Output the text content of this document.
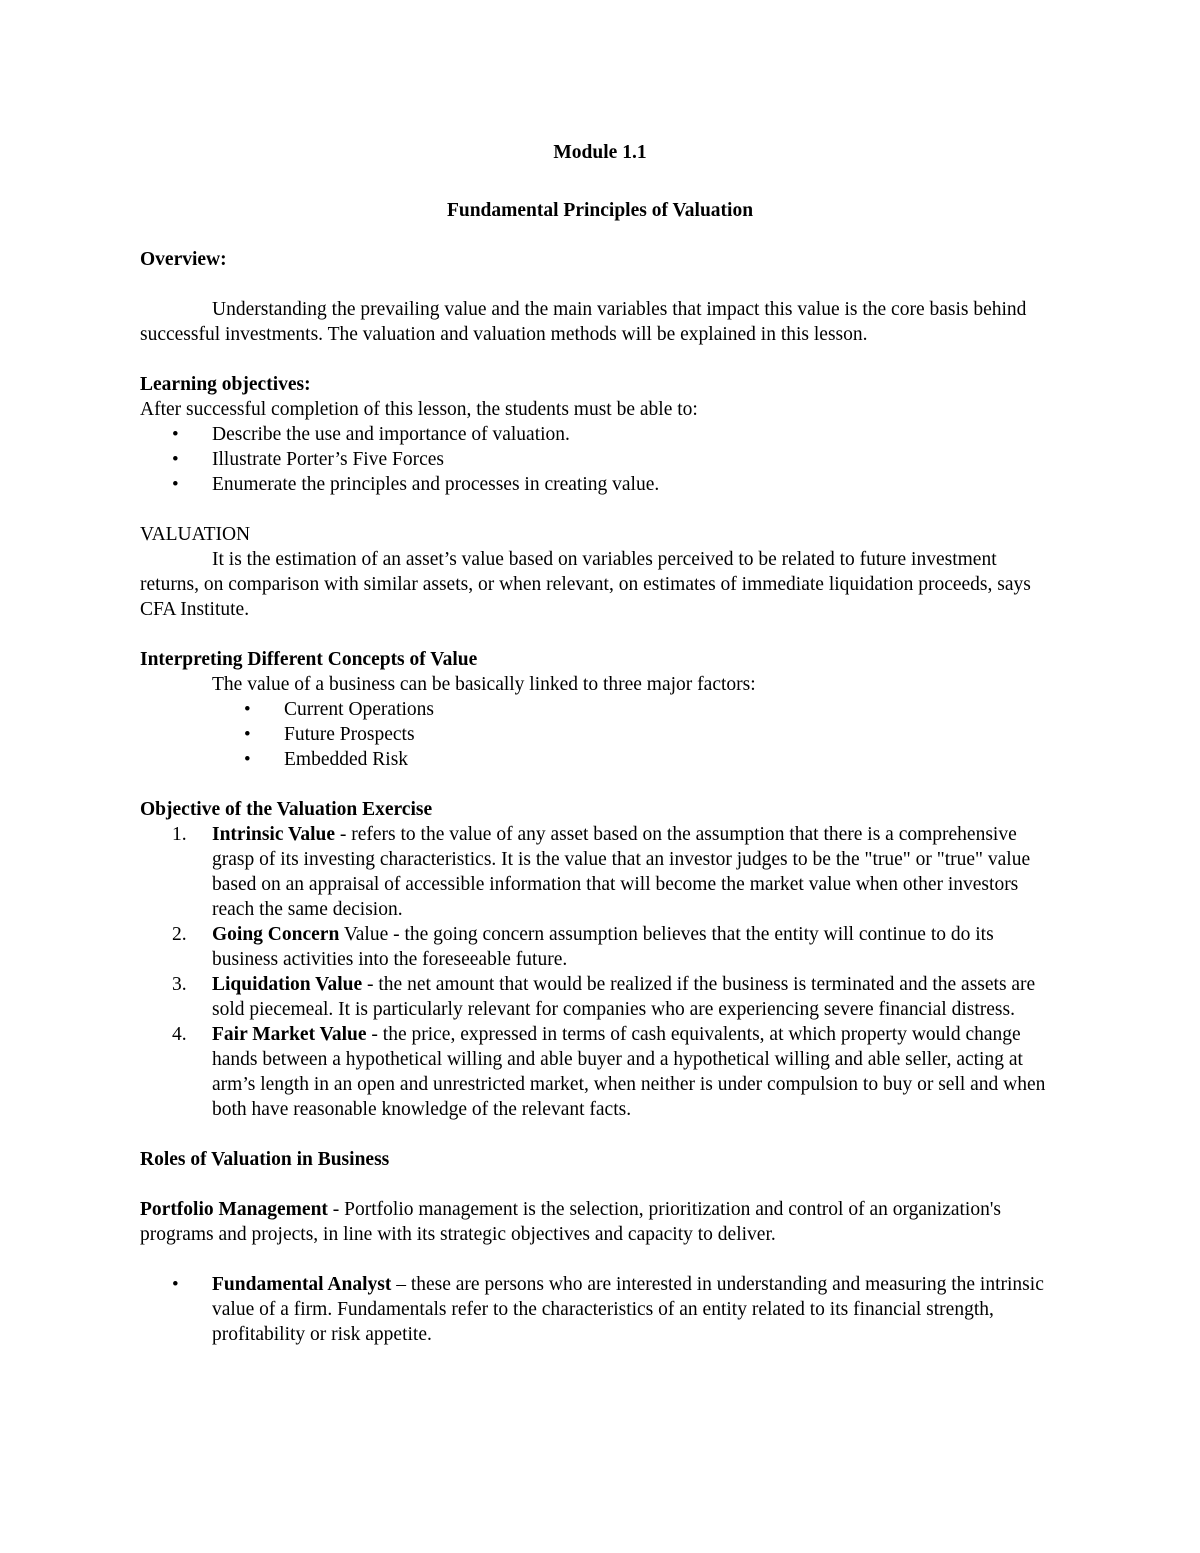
Module 1.1

Fundamental Principles of Valuation

Overview:

Understanding the prevailing value and the main variables that impact this value is the core basis behind successful investments. The valuation and valuation methods will be explained in this lesson.

Learning objectives:

After successful completion of this lesson, the students must be able to:

• Describe the use and importance of valuation.
• Illustrate Porter’s Five Forces
• Enumerate the principles and processes in creating value.

VALUATION

It is the estimation of an asset’s value based on variables perceived to be related to future investment returns, on comparison with similar assets, or when relevant, on estimates of immediate liquidation proceeds, says CFA Institute.

Interpreting Different Concepts of Value

The value of a business can be basically linked to three major factors:

• Current Operations
• Future Prospects
• Embedded Risk

Objective of the Valuation Exercise

1. Intrinsic Value - refers to the value of any asset based on the assumption that there is a comprehensive grasp of its investing characteristics. It is the value that an investor judges to be the "true" or "true" value based on an appraisal of accessible information that will become the market value when other investors reach the same decision.
2. Going Concern Value - the going concern assumption believes that the entity will continue to do its business activities into the foreseeable future.
3. Liquidation Value - the net amount that would be realized if the business is terminated and the assets are sold piecemeal. It is particularly relevant for companies who are experiencing severe financial distress.
4. Fair Market Value - the price, expressed in terms of cash equivalents, at which property would change hands between a hypothetical willing and able buyer and a hypothetical willing and able seller, acting at arm’s length in an open and unrestricted market, when neither is under compulsion to buy or sell and when both have reasonable knowledge of the relevant facts.

Roles of Valuation in Business

Portfolio Management - Portfolio management is the selection, prioritization and control of an organization's programs and projects, in line with its strategic objectives and capacity to deliver.

• Fundamental Analyst – these are persons who are interested in understanding and measuring the intrinsic value of a firm. Fundamentals refer to the characteristics of an entity related to its financial strength, profitability or risk appetite.
